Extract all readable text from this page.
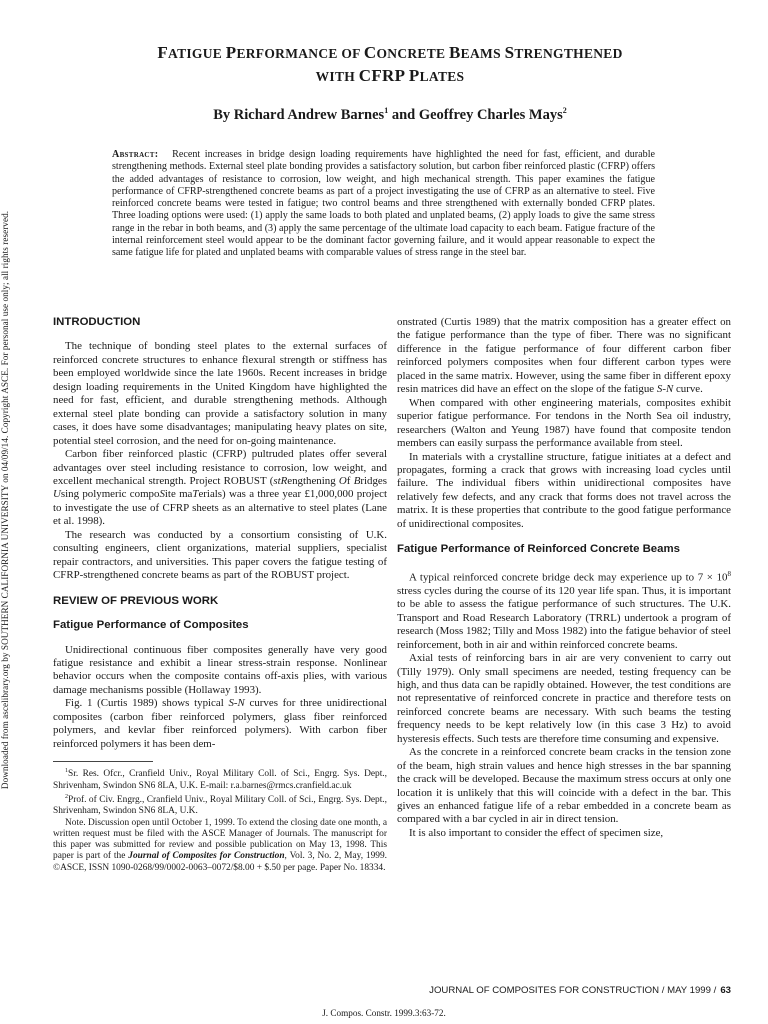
Downloaded from ascelibrary.org by SOUTHERN CALIFORNIA UNIVERSITY on 04/09/14. Copyright ASCE. For personal use only; all rights reserved.
FATIGUE PERFORMANCE OF CONCRETE BEAMS STRENGTHENED
WITH CFRP PLATES
By Richard Andrew Barnes$^1$ and Geoffrey Charles Mays$^2$
Abstract: Recent increases in bridge design loading requirements have highlighted the need for fast, efficient, and durable strengthening methods. External steel plate bonding provides a satisfactory solution, but carbon fiber reinforced plastic (CFRP) offers the added advantages of resistance to corrosion, low weight, and high mechanical strength. This paper examines the fatigue performance of CFRP-strengthened concrete beams as part of a project investigating the use of CFRP as an alternative to steel. Five reinforced concrete beams were tested in fatigue; two control beams and three strengthened with externally bonded CFRP plates. Three loading options were used: (1) apply the same loads to both plated and unplated beams, (2) apply loads to give the same stress range in the rebar in both beams, and (3) apply the same percentage of the ultimate load capacity to each beam. Fatigue fracture of the internal reinforcement steel would appear to be the dominant factor governing failure, and it would appear reasonable to expect the same fatigue life for plated and unplated beams with comparable values of stress range in the steel bar.
INTRODUCTION

The technique of bonding steel plates to the external surfaces of reinforced concrete structures to enhance flexural strength or stiffness has been employed worldwide since the late 1960s. Recent increases in bridge design loading requirements in the United Kingdom have highlighted the need for fast, efficient, and durable strengthening methods. Although external steel plate bonding can provide a satisfactory solution in many cases, it does have some disadvantages; manipulating heavy plates on site, potential steel corrosion, and the need for on-going maintenance.

Carbon fiber reinforced plastic (CFRP) pultruded plates offer several advantages over steel including resistance to corrosion, low weight, and excellent mechanical strength. Project ROBUST (stRengthening Of Bridges Using polymeric compoSite maTerials) was a three year £1,000,000 project to investigate the use of CFRP sheets as an alternative to steel plates (Lane et al. 1998).

The research was conducted by a consortium consisting of U.K. consulting engineers, client organizations, material suppliers, specialist repair contractors, and universities. This paper covers the fatigue testing of CFRP-strengthened concrete beams as part of the ROBUST project.

REVIEW OF PREVIOUS WORK
Fatigue Performance of Composites

Unidirectional continuous fiber composites generally have very good fatigue resistance and exhibit a linear stress-strain response. Nonlinear behavior occurs when the composite contains off-axis plies, with various damage mechanisms possible (Hollaway 1993).

Fig. 1 (Curtis 1989) shows typical S-N curves for three unidirectional composites (carbon fiber reinforced polymers, glass fiber reinforced polymers, and kevlar fiber reinforced polymers). With carbon fiber reinforced polymers it has been dem-

$^1$Sr. Res. Ofcr., Cranfield Univ., Royal Military Coll. of Sci., Engrg. Sys. Dept., Shrivenham, Swindon SN6 8LA, U.K. E-mail: r.a.barnes@rmcs.cranfield.ac.uk

$^2$Prof. of Civ. Engrg., Cranfield Univ., Royal Military Coll. of Sci., Engrg. Sys. Dept., Shrivenham, Swindon SN6 8LA, U.K.

Note. Discussion open until October 1, 1999. To extend the closing date one month, a written request must be filed with the ASCE Manager of Journals. The manuscript for this paper was submitted for review and possible publication on May 13, 1998. This paper is part of the Journal of Composites for Construction, Vol. 3, No. 2, May, 1999. ©ASCE, ISSN 1090-0268/99/0002-0063–0072/$8.00 + $.50 per page. Paper No. 18334.

onstrated (Curtis 1989) that the matrix composition has a greater effect on the fatigue performance than the type of fiber. There was no significant difference in the fatigue performance of four different carbon fiber reinforced polymers composites when four different carbon types were placed in the same matrix. However, using the same fiber in different epoxy resin matrices did have an effect on the slope of the fatigue S-N curve.

When compared with other engineering materials, composites exhibit superior fatigue performance. For tendons in the North Sea oil industry, researchers (Walton and Yeung 1987) have found that composite tendon members can easily surpass the performance available from steel.

In materials with a crystalline structure, fatigue initiates at a defect and propagates, forming a crack that grows with increasing load cycles until failure. The individual fibers within unidirectional composites have relatively few defects, and any crack that forms does not travel across the matrix. It is these properties that contribute to the good fatigue performance of unidirectional composites.

Fatigue Performance of Reinforced Concrete Beams

A typical reinforced concrete bridge deck may experience up to $7 \times 10^8$ stress cycles during the course of its 120 year life span. Thus, it is important to be able to assess the fatigue performance of such structures. The U.K. Transport and Road Research Laboratory (TRRL) undertook a program of research (Moss 1982; Tilly and Moss 1982) into the fatigue behavior of steel reinforcement, both in air and within reinforced concrete beams.

Axial tests of reinforcing bars in air are very convenient to carry out (Tilly 1979). Only small specimens are needed, testing frequency can be high, and thus data can be rapidly obtained. However, the test conditions are not representative of reinforced concrete in practice and therefore tests on reinforced concrete beams are necessary. With such beams the testing frequency needs to be kept relatively low (in this case 3 Hz) to avoid hysteresis effects. Such tests are therefore time consuming and expensive.

As the concrete in a reinforced concrete beam cracks in the tension zone of the beam, high strain values and hence high stresses in the bar spanning the crack will be developed. Because the maximum stress occurs at only one location it is unlikely that this will coincide with a defect in the bar. This gives an enhanced fatigue life of a rebar embedded in a concrete beam as compared with a bar cycled in air in direct tension.

It is also important to consider the effect of specimen size,

JOURNAL OF COMPOSITES FOR CONSTRUCTION / MAY 1999 / 63
J. Compos. Constr. 1999.3:63-72.
